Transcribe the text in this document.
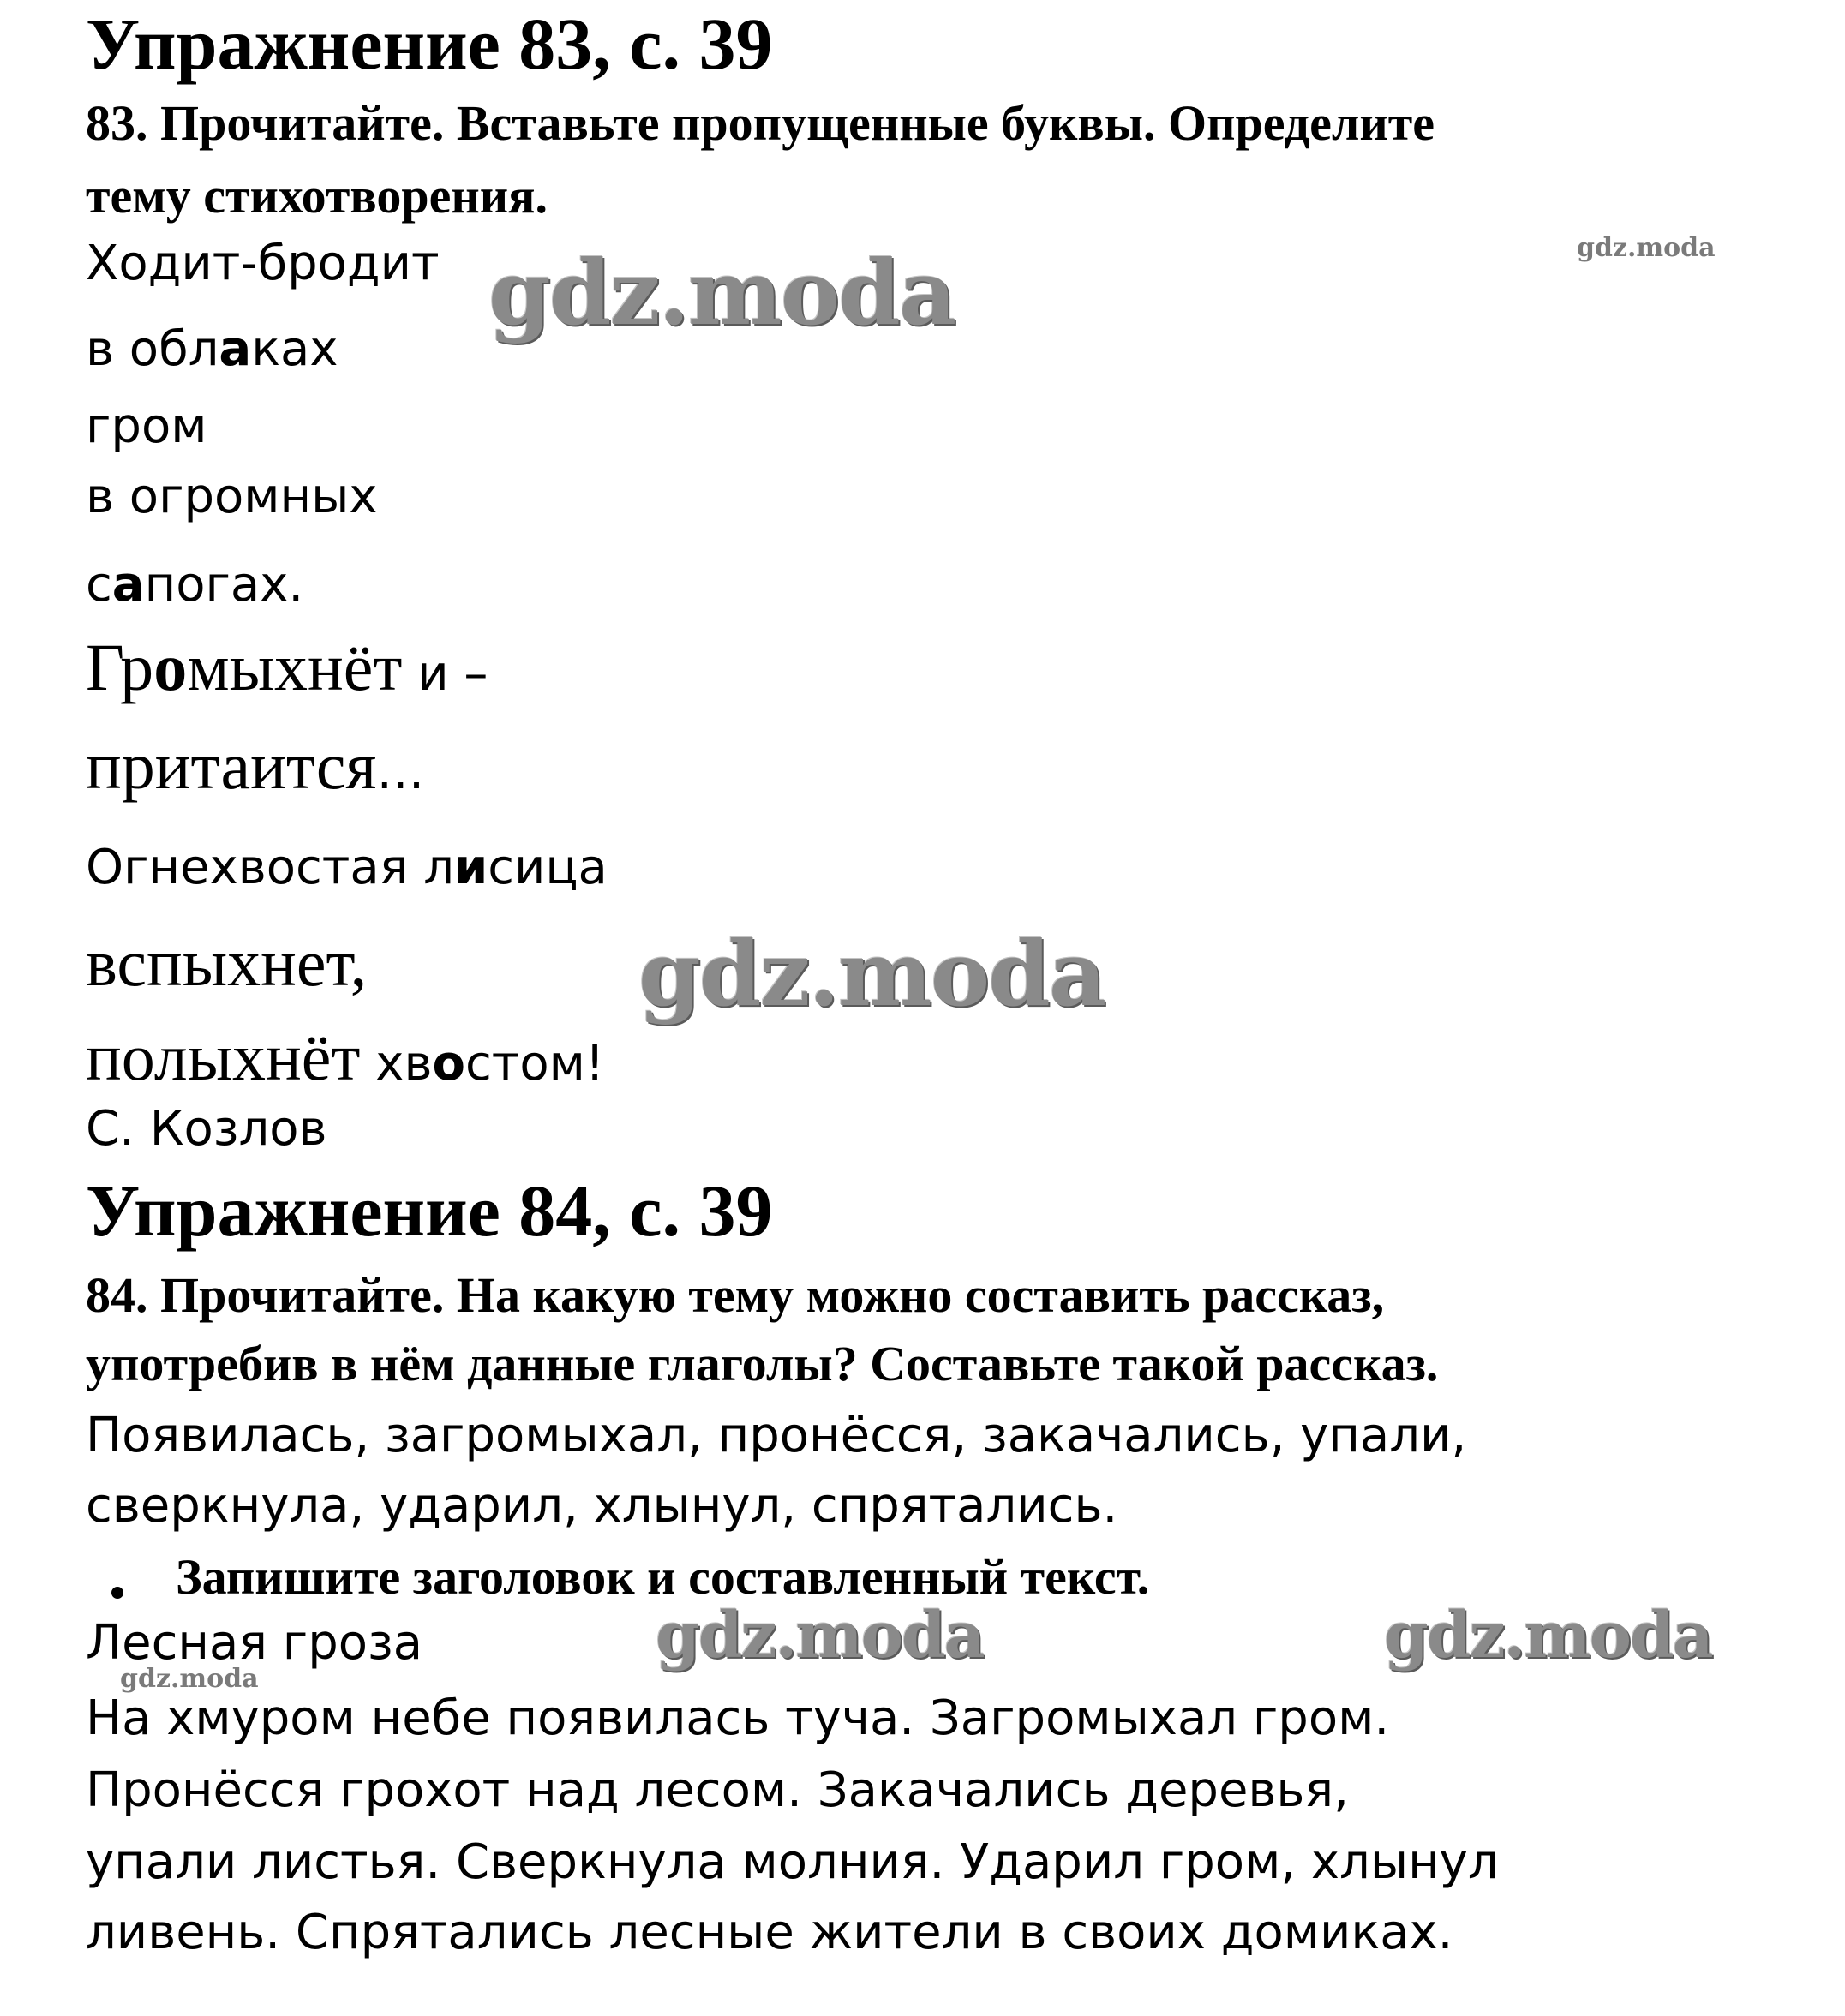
Упражнение 83, с. 39
83. Прочитайте. Вставьте пропущенные буквы. Определите
тему стихотворения.
Ходит-бродит
в облаках
гром
в огромных
сапогах.
Громыхнёт и –
притаится…
Огнехвостая лисица
вспыхнет,
полыхнёт хвостом!
С. Козлов
Упражнение 84, с. 39
84. Прочитайте. На какую тему можно составить рассказ,
употребив в нём данные глаголы? Составьте такой рассказ.
Появилась, загромыхал, пронёсся, закачались, упали,
сверкнула, ударил, хлынул, спрятались.
Запишите заголовок и составленный текст.
Лесная гроза
На хмуром небе появилась туча. Загромыхал гром.
Пронёсся грохот над лесом. Закачались деревья,
упали листья. Сверкнула молния. Ударил гром, хлынул
ливень. Спрятались лесные жители в своих домиках.
gdz.moda
gdz.moda
gdz.moda	gdz.moda
gdz.moda
gdz.moda
